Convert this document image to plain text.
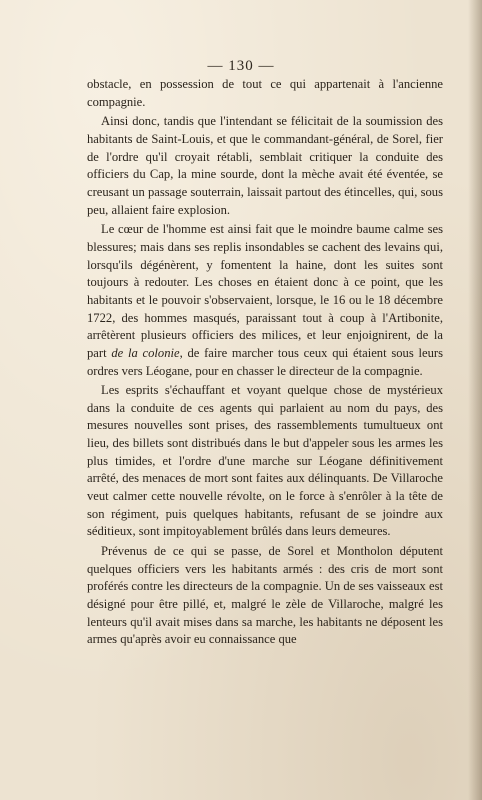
— 130 —

obstacle, en possession de tout ce qui appartenait à l'ancienne compagnie.

Ainsi donc, tandis que l'intendant se félicitait de la soumission des habitants de Saint-Louis, et que le commandant-général, de Sorel, fier de l'ordre qu'il croyait rétabli, semblait critiquer la conduite des officiers du Cap, la mine sourde, dont la mèche avait été éventée, se creusant un passage souterrain, laissait partout des étincelles, qui, sous peu, allaient faire explosion.

Le cœur de l'homme est ainsi fait que le moindre baume calme ses blessures; mais dans ses replis insondables se cachent des levains qui, lorsqu'ils dégénèrent, y fomentent la haine, dont les suites sont toujours à redouter. Les choses en étaient donc à ce point, que les habitants et le pouvoir s'observaient, lorsque, le 16 ou le 18 décembre 1722, des hommes masqués, paraissant tout à coup à l'Artibonite, arrêtèrent plusieurs officiers des milices, et leur enjoignirent, de la part de la colonie, de faire marcher tous ceux qui étaient sous leurs ordres vers Léogane, pour en chasser le directeur de la compagnie.

Les esprits s'échauffant et voyant quelque chose de mystérieux dans la conduite de ces agents qui parlaient au nom du pays, des mesures nouvelles sont prises, des rassemblements tumultueux ont lieu, des billets sont distribués dans le but d'appeler sous les armes les plus timides, et l'ordre d'une marche sur Léogane définitivement arrêté, des menaces de mort sont faites aux délinquants. De Villaroche veut calmer cette nouvelle révolte, on le force à s'enrôler à la tête de son régiment, puis quelques habitants, refusant de se joindre aux séditieux, sont impitoyablement brûlés dans leurs demeures.

Prévenus de ce qui se passe, de Sorel et Montholon députent quelques officiers vers les habitants armés : des cris de mort sont proférés contre les directeurs de la compagnie. Un de ses vaisseaux est désigné pour être pillé, et, malgré le zèle de Villaroche, malgré les lenteurs qu'il avait mises dans sa marche, les habitants ne déposent les armes qu'après avoir eu connaissance que
